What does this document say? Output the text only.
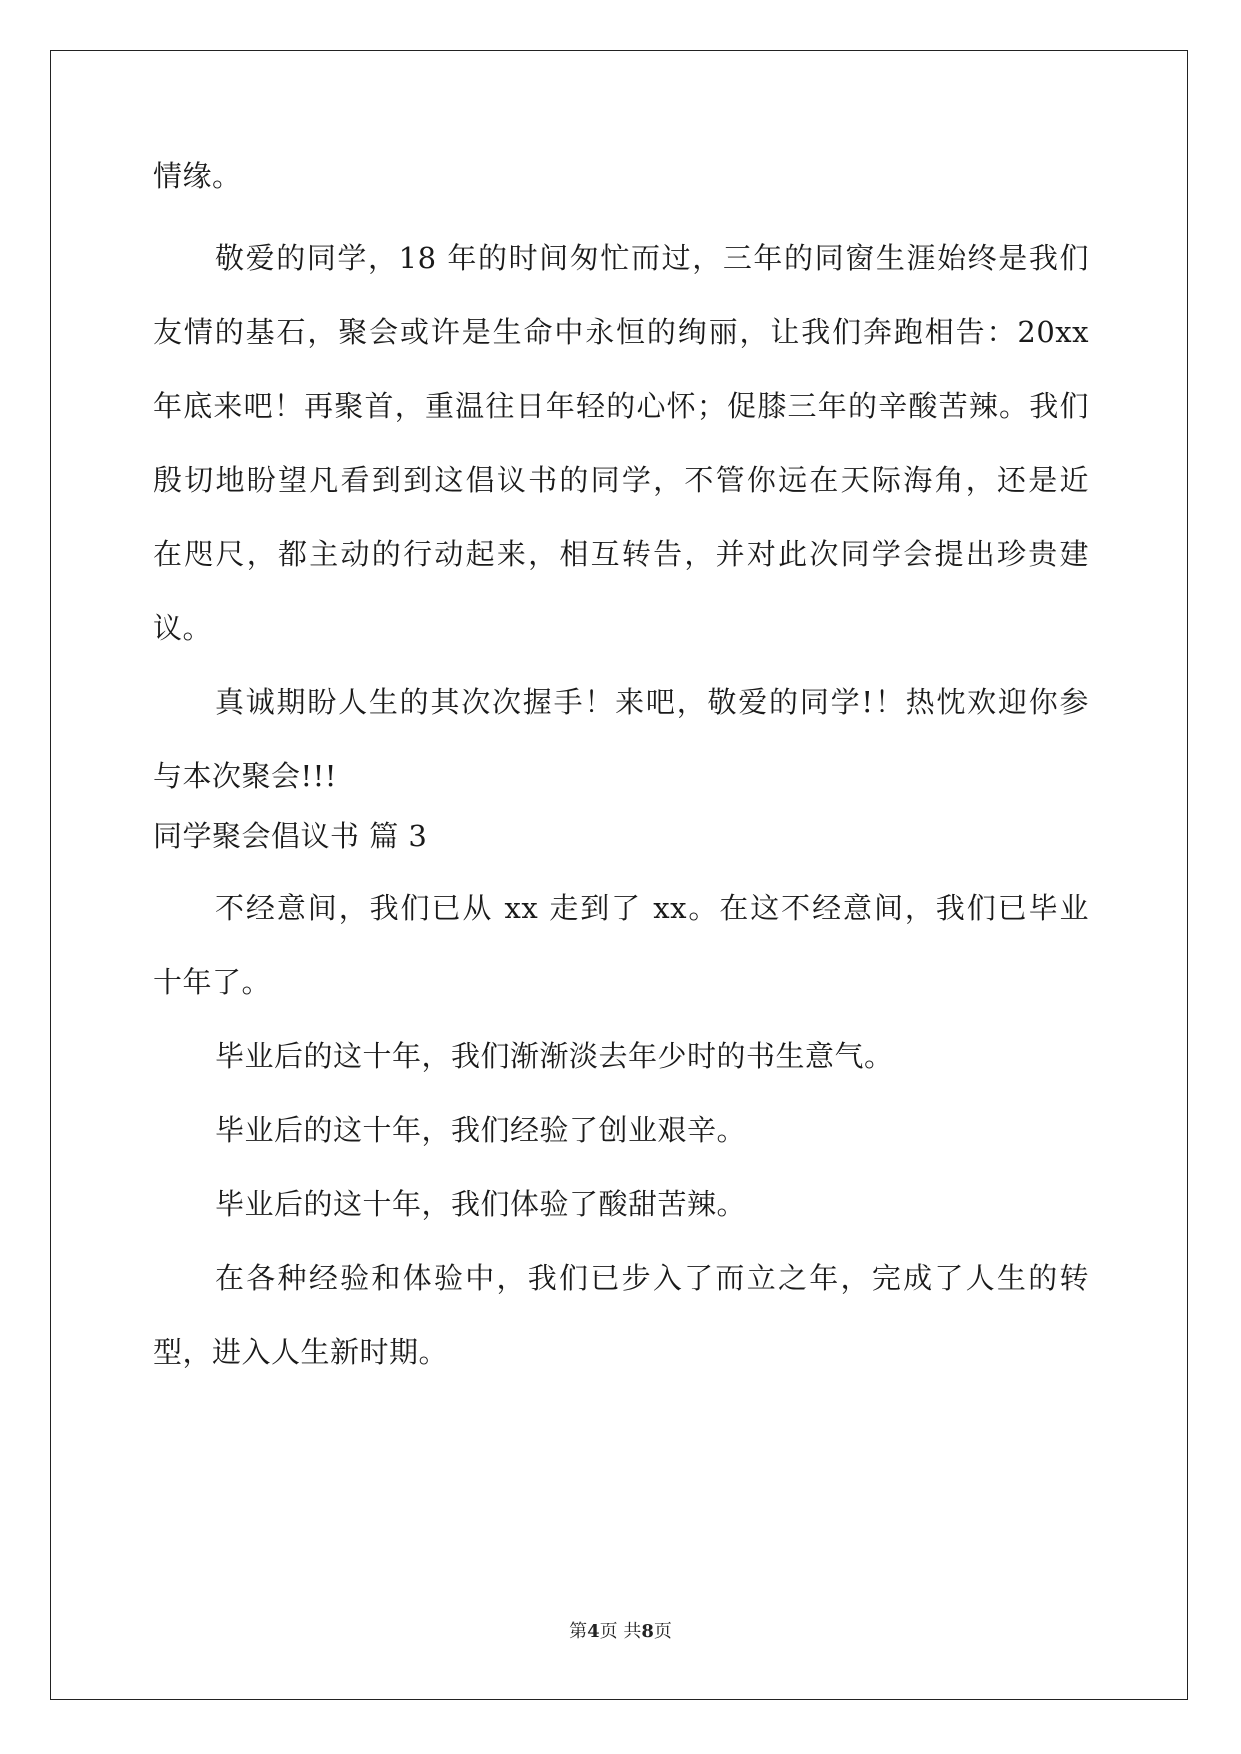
情缘。
敬爱的同学，18 年的时间匆忙而过，三年的同窗生涯始终是我们
友情的基石，聚会或许是生命中永恒的绚丽，让我们奔跑相告：20xx
年底来吧！再聚首，重温往日年轻的心怀；促膝三年的辛酸苦辣。我们
殷切地盼望凡看到到这倡议书的同学，不管你远在天际海角，还是近
在咫尺，都主动的行动起来，相互转告，并对此次同学会提出珍贵建
议。
真诚期盼人生的其次次握手！来吧，敬爱的同学!！热忱欢迎你参
与本次聚会!!!
同学聚会倡议书 篇 3
不经意间，我们已从 xx 走到了 xx。在这不经意间，我们已毕业
十年了。
毕业后的这十年，我们渐渐淡去年少时的书生意气。
毕业后的这十年，我们经验了创业艰辛。
毕业后的这十年，我们体验了酸甜苦辣。
在各种经验和体验中，我们已步入了而立之年，完成了人生的转
型，进入人生新时期。
第4页 共8页
